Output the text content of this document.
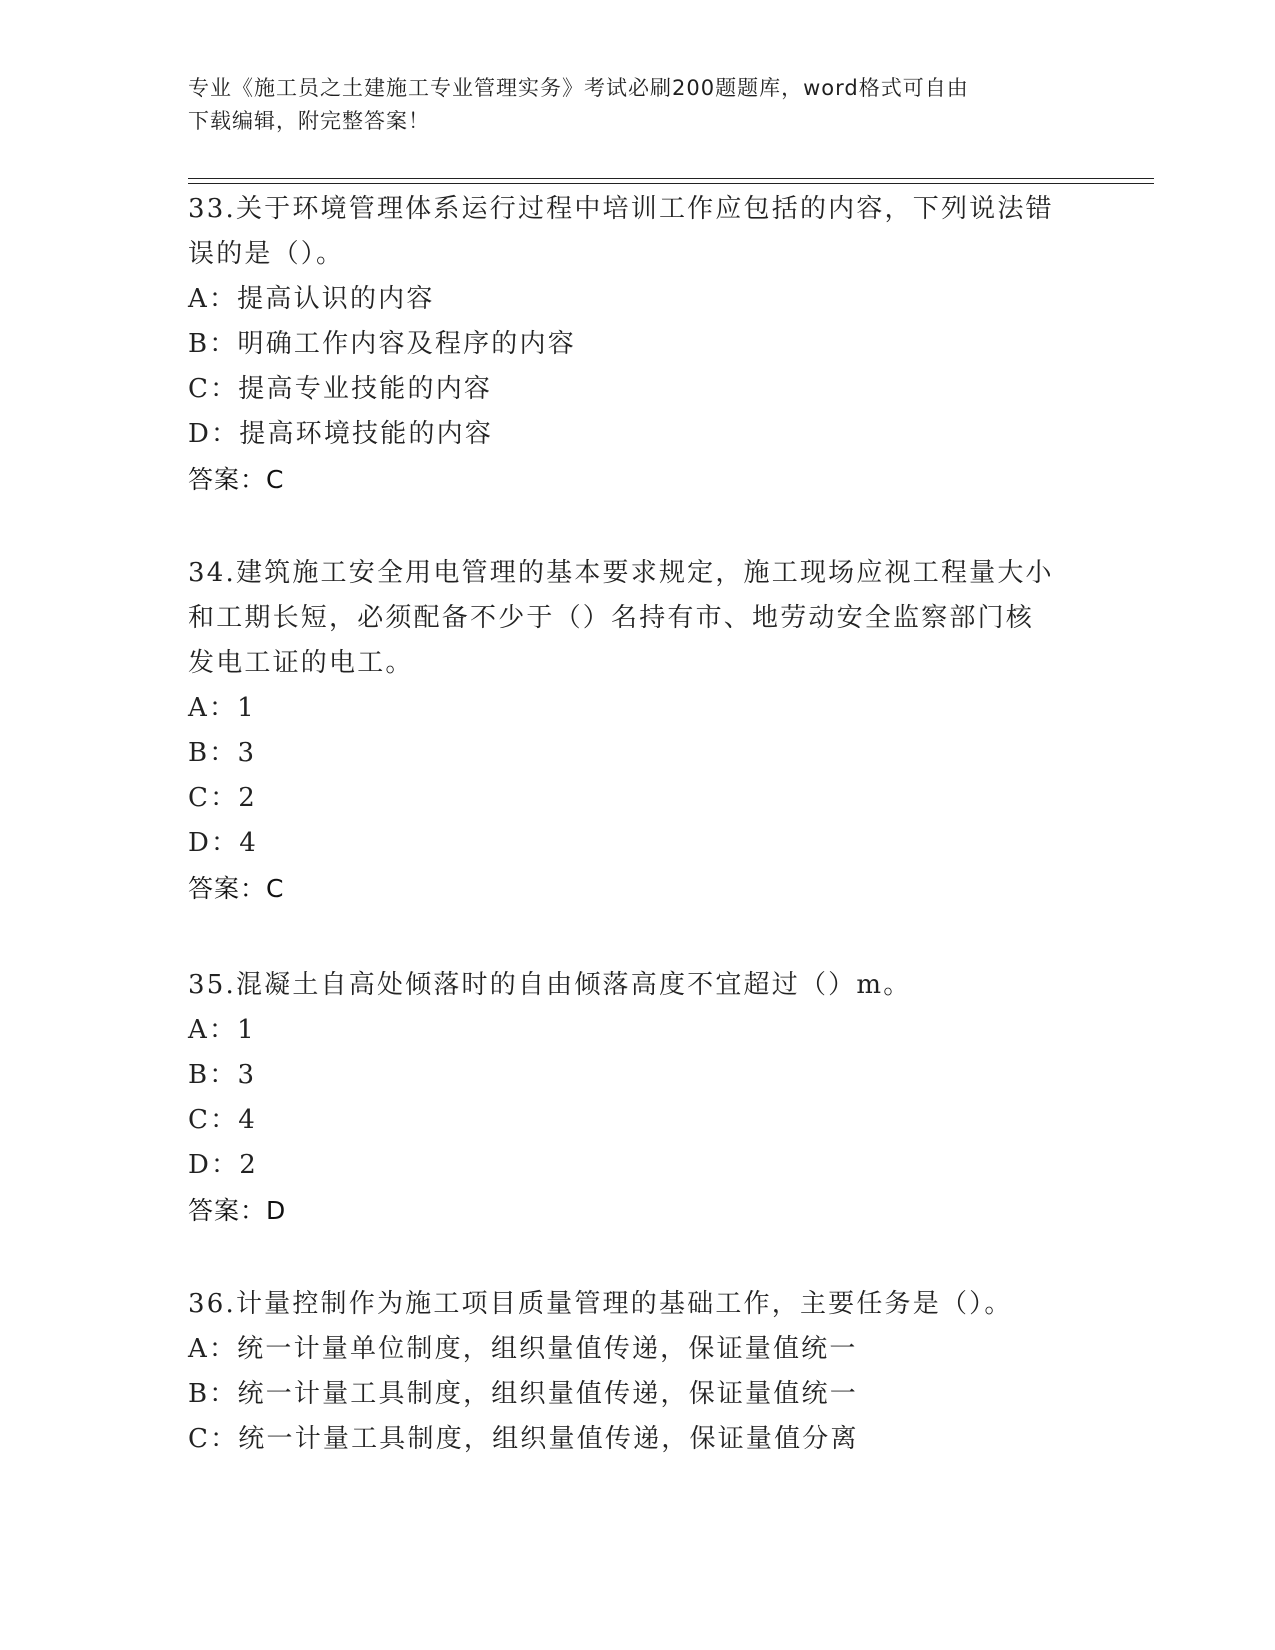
专业《施工员之土建施工专业管理实务》考试必刷200题题库，word格式可自由
下载编辑，附完整答案！
33.关于环境管理体系运行过程中培训工作应包括的内容，下列说法错
误的是（）。
A：提高认识的内容
B：明确工作内容及程序的内容
C：提高专业技能的内容
D：提高环境技能的内容
答案：C
34.建筑施工安全用电管理的基本要求规定，施工现场应视工程量大小
和工期长短，必须配备不少于（）名持有市、地劳动安全监察部门核
发电工证的电工。
A：1
B：3
C：2
D：4
答案：C
35.混凝土自高处倾落时的自由倾落高度不宜超过（）m。
A：1
B：3
C：4
D：2
答案：D
36.计量控制作为施工项目质量管理的基础工作，主要任务是（）。
A：统一计量单位制度，组织量值传递，保证量值统一
B：统一计量工具制度，组织量值传递，保证量值统一
C：统一计量工具制度，组织量值传递，保证量值分离
